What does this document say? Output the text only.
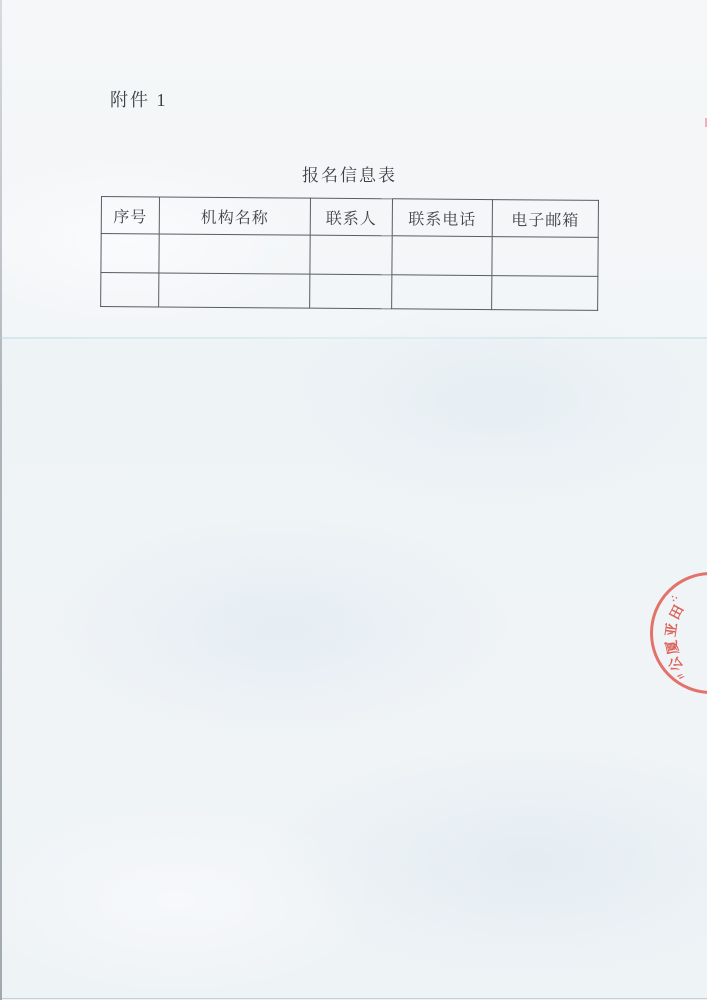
附件 1
报名信息表
序号	机构名称	联系人	联系电话	电子邮箱

∴
田
亚
厦
公
〃
